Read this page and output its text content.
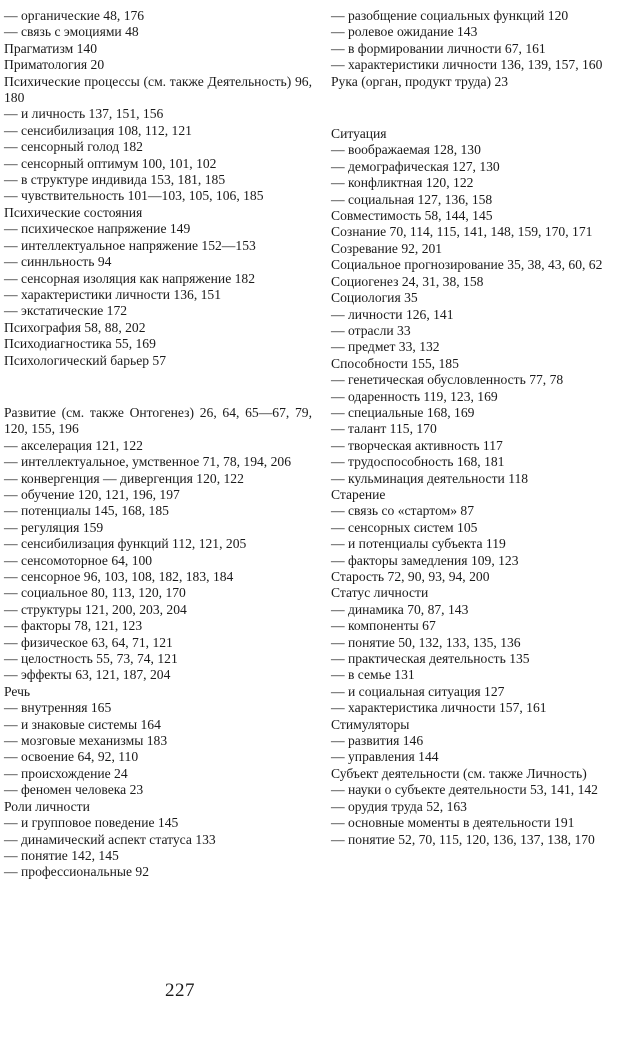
— органические 48, 176
— связь с эмоциями 48
Прагматизм 140
Приматология 20
Психические процессы (см. также Деятельность) 96, 180
— и личность 137, 151, 156
— сенсибилизация 108, 112, 121
— сенсорный голод 182
— сенсорный оптимум 100, 101, 102
— в структуре индивида 153, 181, 185
— чувствительность 101—103, 105, 106, 185
Психические состояния
— психическое напряжение 149
— интеллектуальное напряжение 152—153
— синнльность 94
— сенсорная изоляция как напряжение 182
— характеристики личности 136, 151
— экстатические 172
Психография 58, 88, 202
Психодиагностика 55, 169
Психологический барьер 57
Развитие (см. также Онтогенез) 26, 64, 65—67, 79, 120, 155, 196
— акселерация 121, 122
— интеллектуальное, умственное 71, 78, 194, 206
— конвергенция — дивергенция 120, 122
— обучение 120, 121, 196, 197
— потенциалы 145, 168, 185
— регуляция 159
— сенсибилизация функций 112, 121, 205
— сенсомоторное 64, 100
— сенсорное 96, 103, 108, 182, 183, 184
— социальное 80, 113, 120, 170
— структуры 121, 200, 203, 204
— факторы 78, 121, 123
— физическое 63, 64, 71, 121
— целостность 55, 73, 74, 121
— эффекты 63, 121, 187, 204
Речь
— внутренняя 165
— и знаковые системы 164
— мозговые механизмы 183
— освоение 64, 92, 110
— происхождение 24
— феномен человека 23
Роли личности
— и групповое поведение 145
— динамический аспект статуса 133
— понятие 142, 145
— профессиональные 92
— разобщение социальных функций 120
— ролевое ожидание 143
— в формировании личности 67, 161
— характеристики личности 136, 139, 157, 160
Рука (орган, продукт труда) 23
Ситуация
— воображаемая 128, 130
— демографическая 127, 130
— конфликтная 120, 122
— социальная 127, 136, 158
Совместимость 58, 144, 145
Сознание 70, 114, 115, 141, 148, 159, 170, 171
Созревание 92, 201
Социальное прогнозирование 35, 38, 43, 60, 62
Социогенез 24, 31, 38, 158
Социология 35
— личности 126, 141
— отрасли 33
— предмет 33, 132
Способности 155, 185
— генетическая обусловленность 77, 78
— одаренность 119, 123, 169
— специальные 168, 169
— талант 115, 170
— творческая активность 117
— трудоспособность 168, 181
— кульминация деятельности 118
Старение
— связь со «стартом» 87
— сенсорных систем 105
— и потенциалы субъекта 119
— факторы замедления 109, 123
Старость 72, 90, 93, 94, 200
Статус личности
— динамика 70, 87, 143
— компоненты 67
— понятие 50, 132, 133, 135, 136
— практическая деятельность 135
— в семье 131
— и социальная ситуация 127
— характеристика личности 157, 161
Стимуляторы
— развития 146
— управления 144
Субъект деятельности (см. также Личность)
— науки о субъекте деятельности 53, 141, 142
— орудия труда 52, 163
— основные моменты в деятельности 191
— понятие 52, 70, 115, 120, 136, 137, 138, 170
227
